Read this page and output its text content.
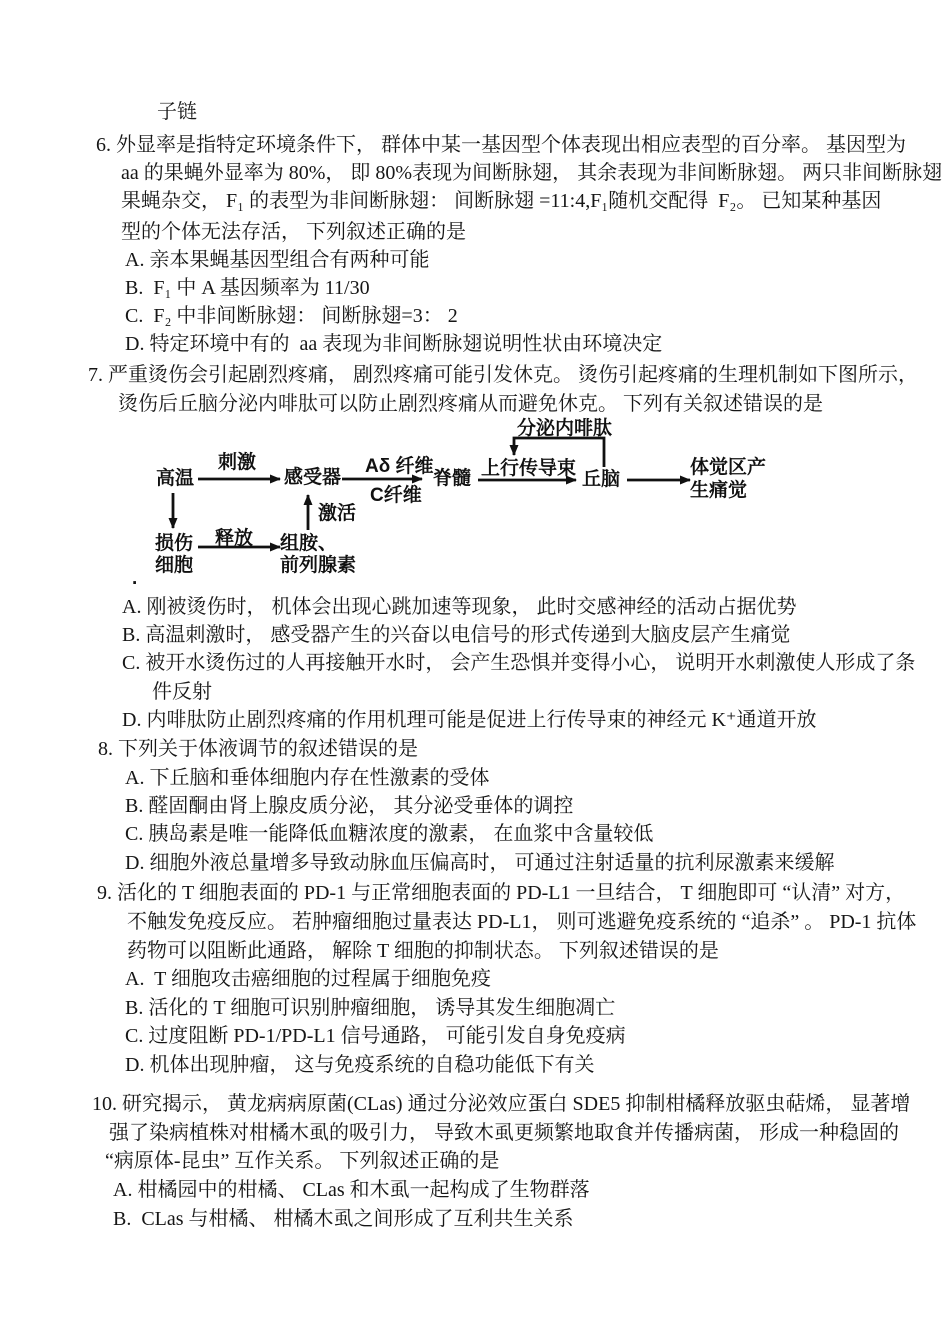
子链
6. 外显率是指特定环境条件下， 群体中某一基因型个体表现出相应表型的百分率。 基因型为
aa 的果蝇外显率为 80%， 即 80%表现为间断脉翅， 其余表现为非间断脉翅。 两只非间断脉翅
果蝇杂交， F₁ 的表型为非间断脉翅： 间断脉翅 =11:4,F₁随机交配得  F₂。 已知某种基因
型的个体无法存活， 下列叙述正确的是
A. 亲本果蝇基因型组合有两种可能
B.  F₁ 中 A 基因频率为 11/30
C.  F₂ 中非间断脉翅： 间断脉翅=3： 2
D. 特定环境中有的  aa 表现为非间断脉翅说明性状由环境决定
7. 严重烫伤会引起剧烈疼痛， 剧烈疼痛可能引发休克。 烫伤引起疼痛的生理机制如下图所示，
烫伤后丘脑分泌内啡肽可以防止剧烈疼痛从而避免休克。 下列有关叙述错误的是
高温
刺激
感受器
Aδ 纤维
C纤维
脊髓 上行传导束
丘脑
体觉区产
生痛觉
分泌内啡肽
损伤
细胞
释放 组胺、
前列腺素
激活
.
A. 刚被烫伤时， 机体会出现心跳加速等现象， 此时交感神经的活动占据优势
B. 高温刺激时， 感受器产生的兴奋以电信号的形式传递到大脑皮层产生痛觉
C. 被开水烫伤过的人再接触开水时， 会产生恐惧并变得小心， 说明开水刺激使人形成了条
件反射
D. 内啡肽防止剧烈疼痛的作用机理可能是促进上行传导束的神经元 K⁺通道开放
8. 下列关于体液调节的叙述错误的是
A. 下丘脑和垂体细胞内存在性激素的受体
B. 醛固酮由肾上腺皮质分泌， 其分泌受垂体的调控
C. 胰岛素是唯一能降低血糖浓度的激素， 在血浆中含量较低
D. 细胞外液总量增多导致动脉血压偏高时， 可通过注射适量的抗利尿激素来缓解
9. 活化的 T 细胞表面的 PD-1 与正常细胞表面的 PD-L1 一旦结合， T 细胞即可 “认清” 对方，
不触发免疫反应。 若肿瘤细胞过量表达 PD-L1， 则可逃避免疫系统的 “追杀” 。 PD-1 抗体
药物可以阻断此通路， 解除 T 细胞的抑制状态。 下列叙述错误的是
A.  T 细胞攻击癌细胞的过程属于细胞免疫
B. 活化的 T 细胞可识别肿瘤细胞， 诱导其发生细胞凋亡
C. 过度阻断 PD-1/PD-L1 信号通路， 可能引发自身免疫病
D. 机体出现肿瘤， 这与免疫系统的自稳功能低下有关
10. 研究揭示， 黄龙病病原菌(CLas) 通过分泌效应蛋白 SDE5 抑制柑橘释放驱虫萜烯， 显著增
强了染病植株对柑橘木虱的吸引力， 导致木虱更频繁地取食并传播病菌， 形成一种稳固的
“病原体-昆虫” 互作关系。 下列叙述正确的是
A. 柑橘园中的柑橘、 CLas 和木虱一起构成了生物群落
B.  CLas 与柑橘、 柑橘木虱之间形成了互利共生关系
